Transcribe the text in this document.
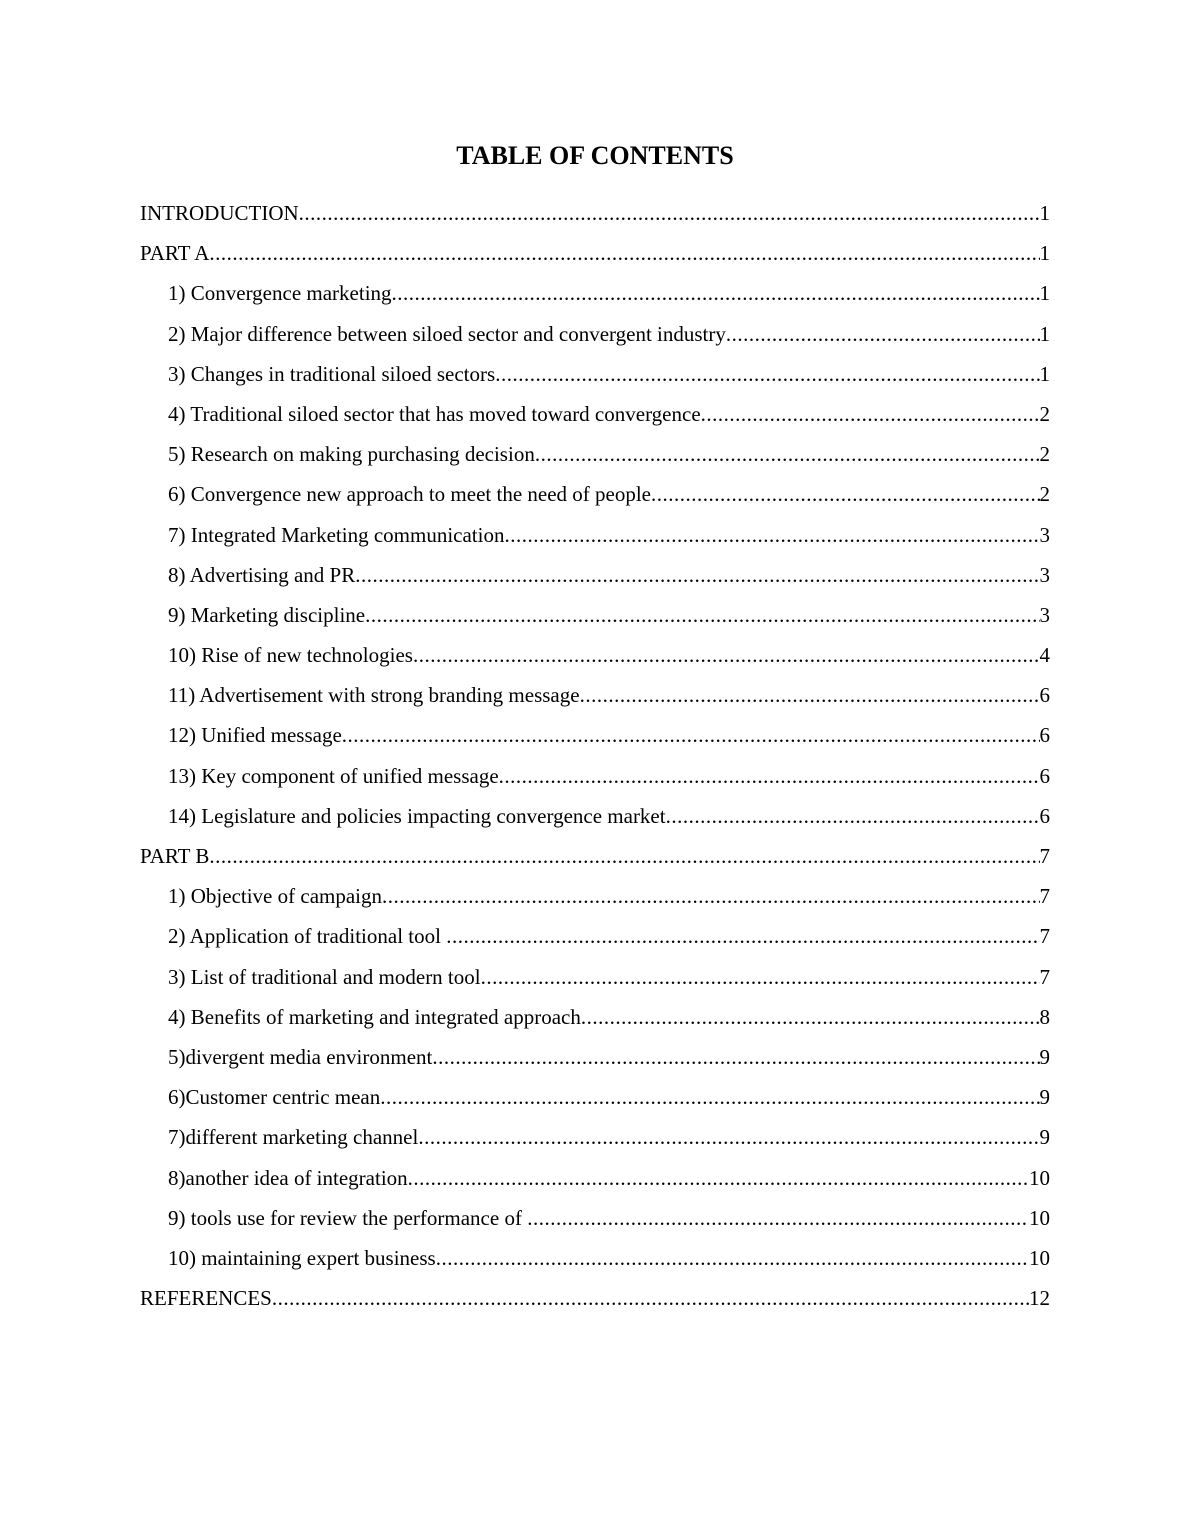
TABLE OF CONTENTS
INTRODUCTION .....	1
PART A .....	1
1) Convergence marketing .....	1
2) Major difference between siloed sector and convergent industry .....	1
3) Changes in traditional siloed sectors .....	1
4) Traditional siloed sector that has moved toward convergence .....	2
5) Research on making purchasing decision .....	2
6) Convergence new approach to meet the need of people .....	2
7) Integrated Marketing communication .....	3
8) Advertising and PR .....	3
9) Marketing discipline .....	3
10) Rise of new technologies .....	4
11) Advertisement with strong branding message .....	6
12) Unified message .....	6
13) Key component of unified message .....	6
14) Legislature and policies impacting convergence market .....	6
PART B .....	7
1) Objective of campaign .....	7
2) Application of traditional tool .....	7
3) List of traditional and modern tool .....	7
4) Benefits of marketing and integrated approach .....	8
5)divergent media environment .....	9
6)Customer centric mean .....	9
7)different marketing channel .....	9
8)another idea of integration .....	10
9) tools use for review the performance of .....	10
10) maintaining expert business .....	10
REFERENCES .....	12
